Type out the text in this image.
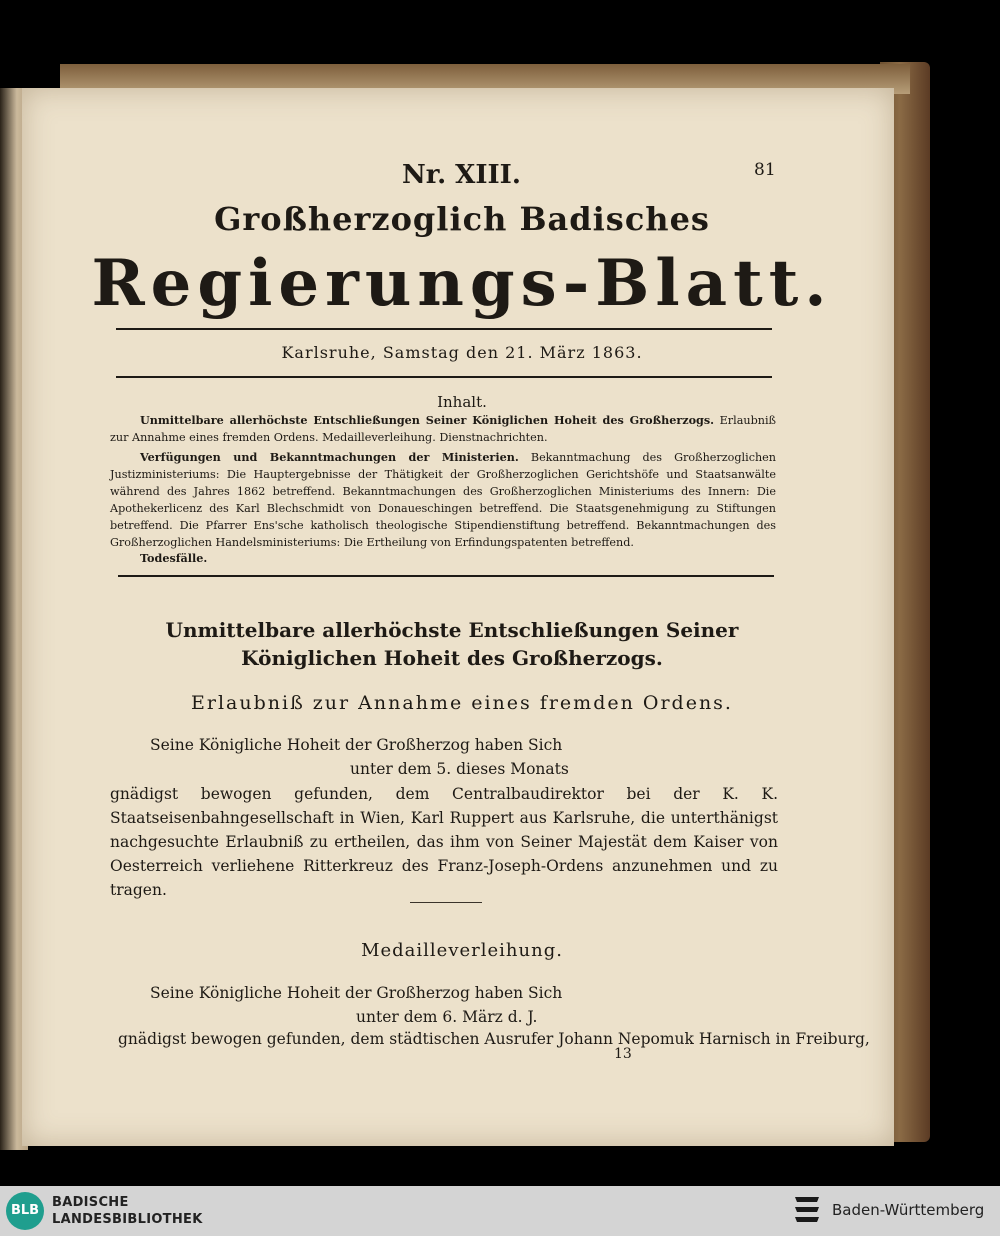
Nr. XIII.	81
Großherzoglich Badisches
Regierungs-Blatt.
Karlsruhe, Samstag den 21. März 1863.
Inhalt.
Unmittelbare allerhöchste Entschließungen Seiner Königlichen Hoheit des Großherzogs. Erlaubniß zur Annahme eines fremden Ordens. Medailleverleihung. Dienstnachrichten.
Verfügungen und Bekanntmachungen der Ministerien. Bekanntmachung des Großherzoglichen Justizministeriums: Die Hauptergebnisse der Thätigkeit der Großherzoglichen Gerichtshöfe und Staatsanwälte während des Jahres 1862 betreffend. Bekanntmachungen des Großherzoglichen Ministeriums des Innern: Die Apothekerlicenz des Karl Blechschmidt von Donaueschingen betreffend. Die Staatsgenehmigung zu Stiftungen betreffend. Die Pfarrer Ens'sche katholisch theologische Stipendienstiftung betreffend. Bekanntmachungen des Großherzoglichen Handelsministeriums: Die Ertheilung von Erfindungspatenten betreffend.
Todesfälle.
Unmittelbare allerhöchste Entschließungen Seiner Königlichen Hoheit des Großherzogs.
Erlaubniß zur Annahme eines fremden Ordens.
Seine Königliche Hoheit der Großherzog haben Sich
unter dem 5. dieses Monats
gnädigst bewogen gefunden, dem Centralbaudirektor bei der K. K. Staatseisenbahngesellschaft in Wien, Karl Ruppert aus Karlsruhe, die unterthänigst nachgesuchte Erlaubniß zu ertheilen, das ihm von Seiner Majestät dem Kaiser von Oesterreich verliehene Ritterkreuz des Franz-Joseph-Ordens anzunehmen und zu tragen.
Medailleverleihung.
Seine Königliche Hoheit der Großherzog haben Sich
unter dem 6. März d. J.
gnädigst bewogen gefunden, dem städtischen Ausrufer Johann Nepomuk Harnisch in Freiburg,
13
BLB
BADISCHE
LANDESBIBLIOTHEK
Baden-Württemberg
